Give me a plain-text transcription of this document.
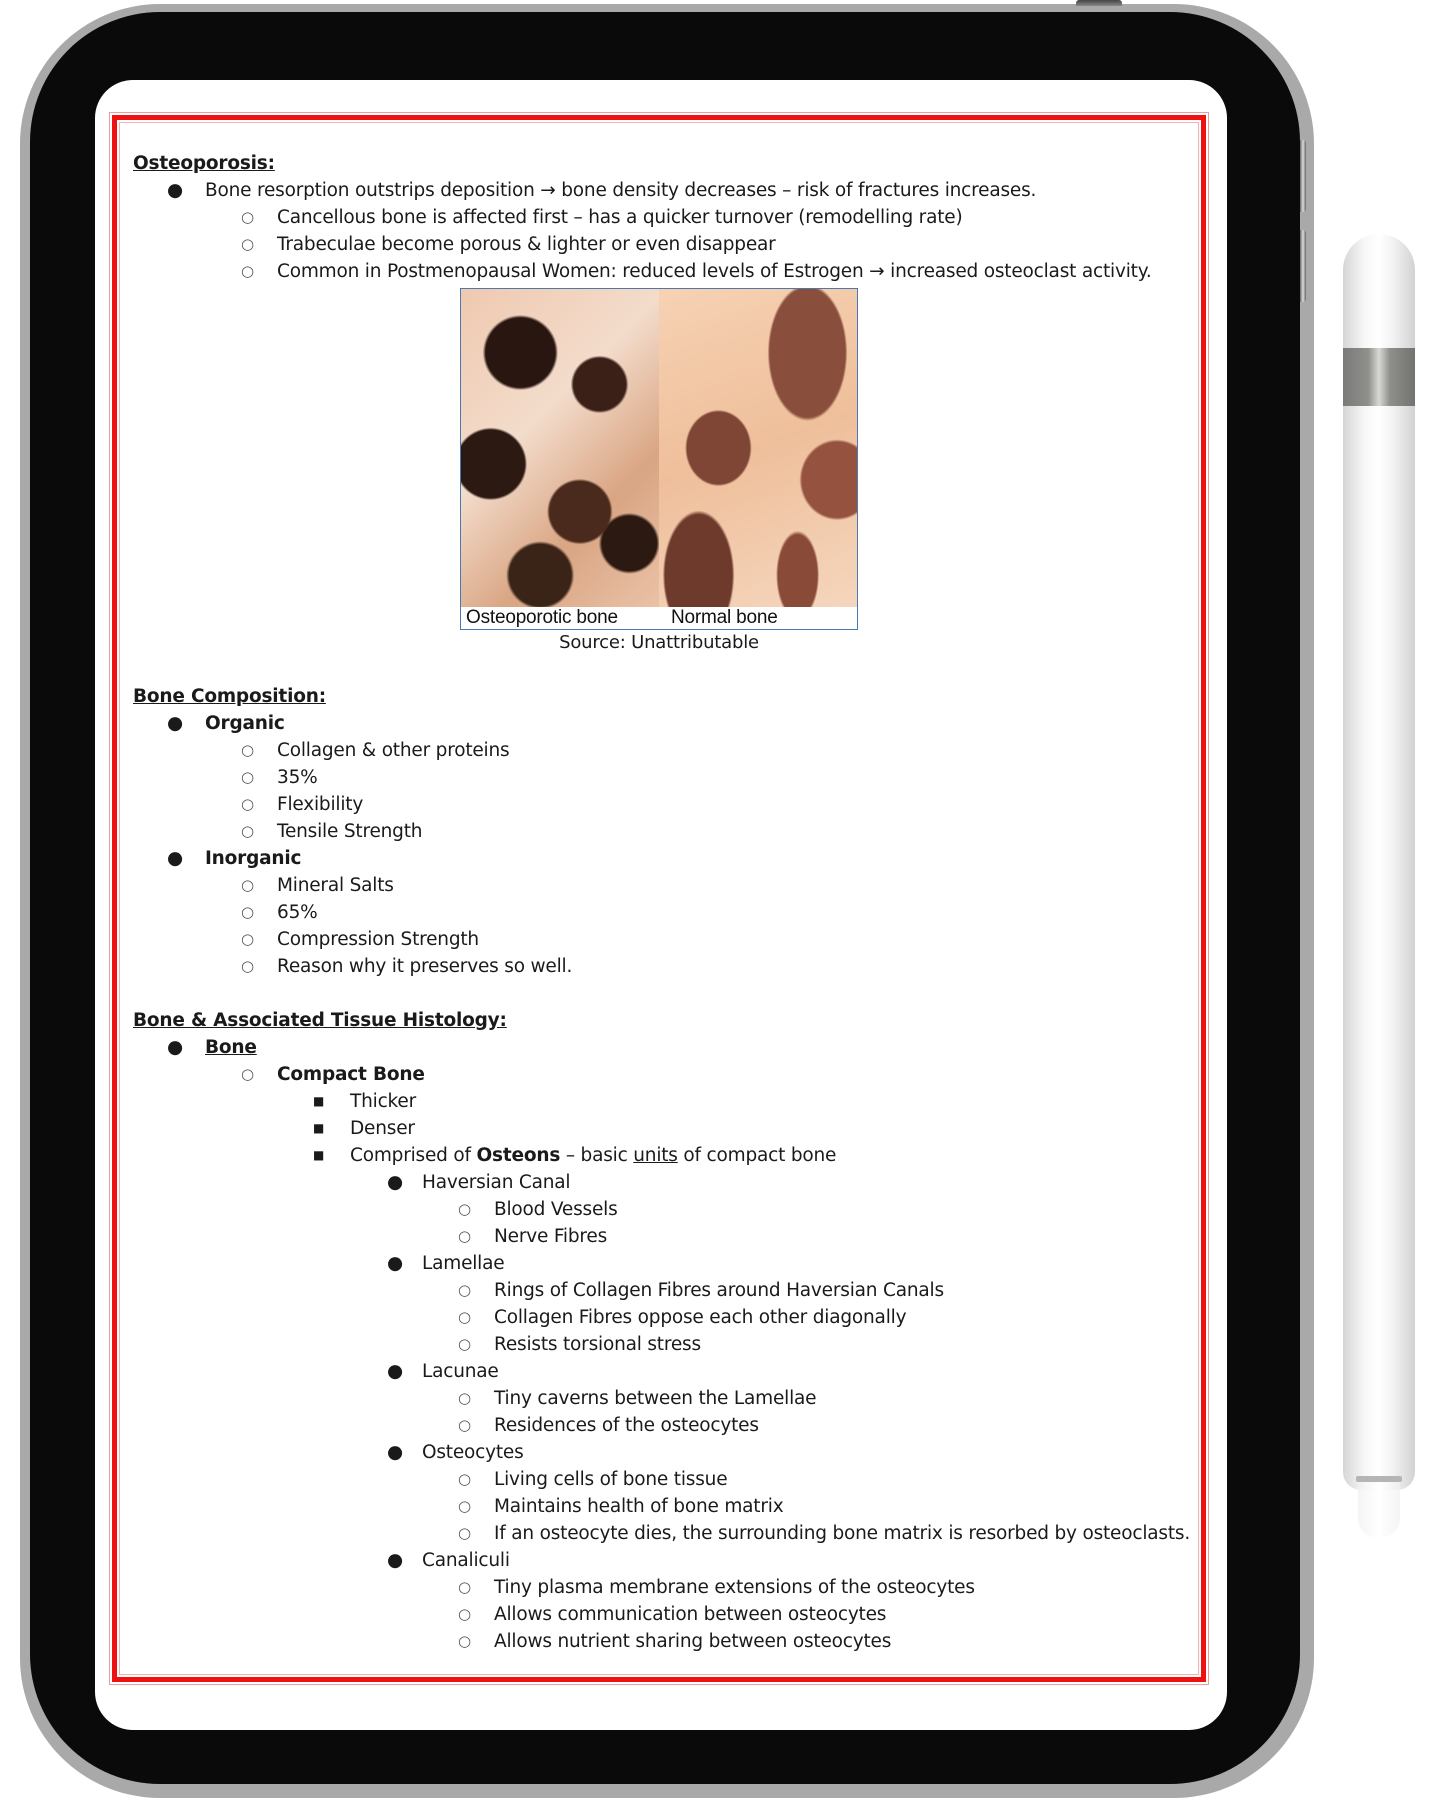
Osteoporosis:
● Bone resorption outstrips deposition → bone density decreases – risk of fractures increases.
○ Cancellous bone is affected first – has a quicker turnover (remodelling rate)
○ Trabeculae become porous & lighter or even disappear
○ Common in Postmenopausal Women: reduced levels of Estrogen → increased osteoclast activity.
Osteoporotic bone	Normal bone
Source: Unattributable
Bone Composition:
● Organic
○ Collagen & other proteins
○ 35%
○ Flexibility
○ Tensile Strength
● Inorganic
○ Mineral Salts
○ 65%
○ Compression Strength
○ Reason why it preserves so well.
Bone & Associated Tissue Histology:
● Bone
○ Compact Bone
■ Thicker
■ Denser
■ Comprised of Osteons – basic units of compact bone
● Haversian Canal
○ Blood Vessels
○ Nerve Fibres
● Lamellae
○ Rings of Collagen Fibres around Haversian Canals
○ Collagen Fibres oppose each other diagonally
○ Resists torsional stress
● Lacunae
○ Tiny caverns between the Lamellae
○ Residences of the osteocytes
● Osteocytes
○ Living cells of bone tissue
○ Maintains health of bone matrix
○ If an osteocyte dies, the surrounding bone matrix is resorbed by osteoclasts.
● Canaliculi
○ Tiny plasma membrane extensions of the osteocytes
○ Allows communication between osteocytes
○ Allows nutrient sharing between osteocytes
